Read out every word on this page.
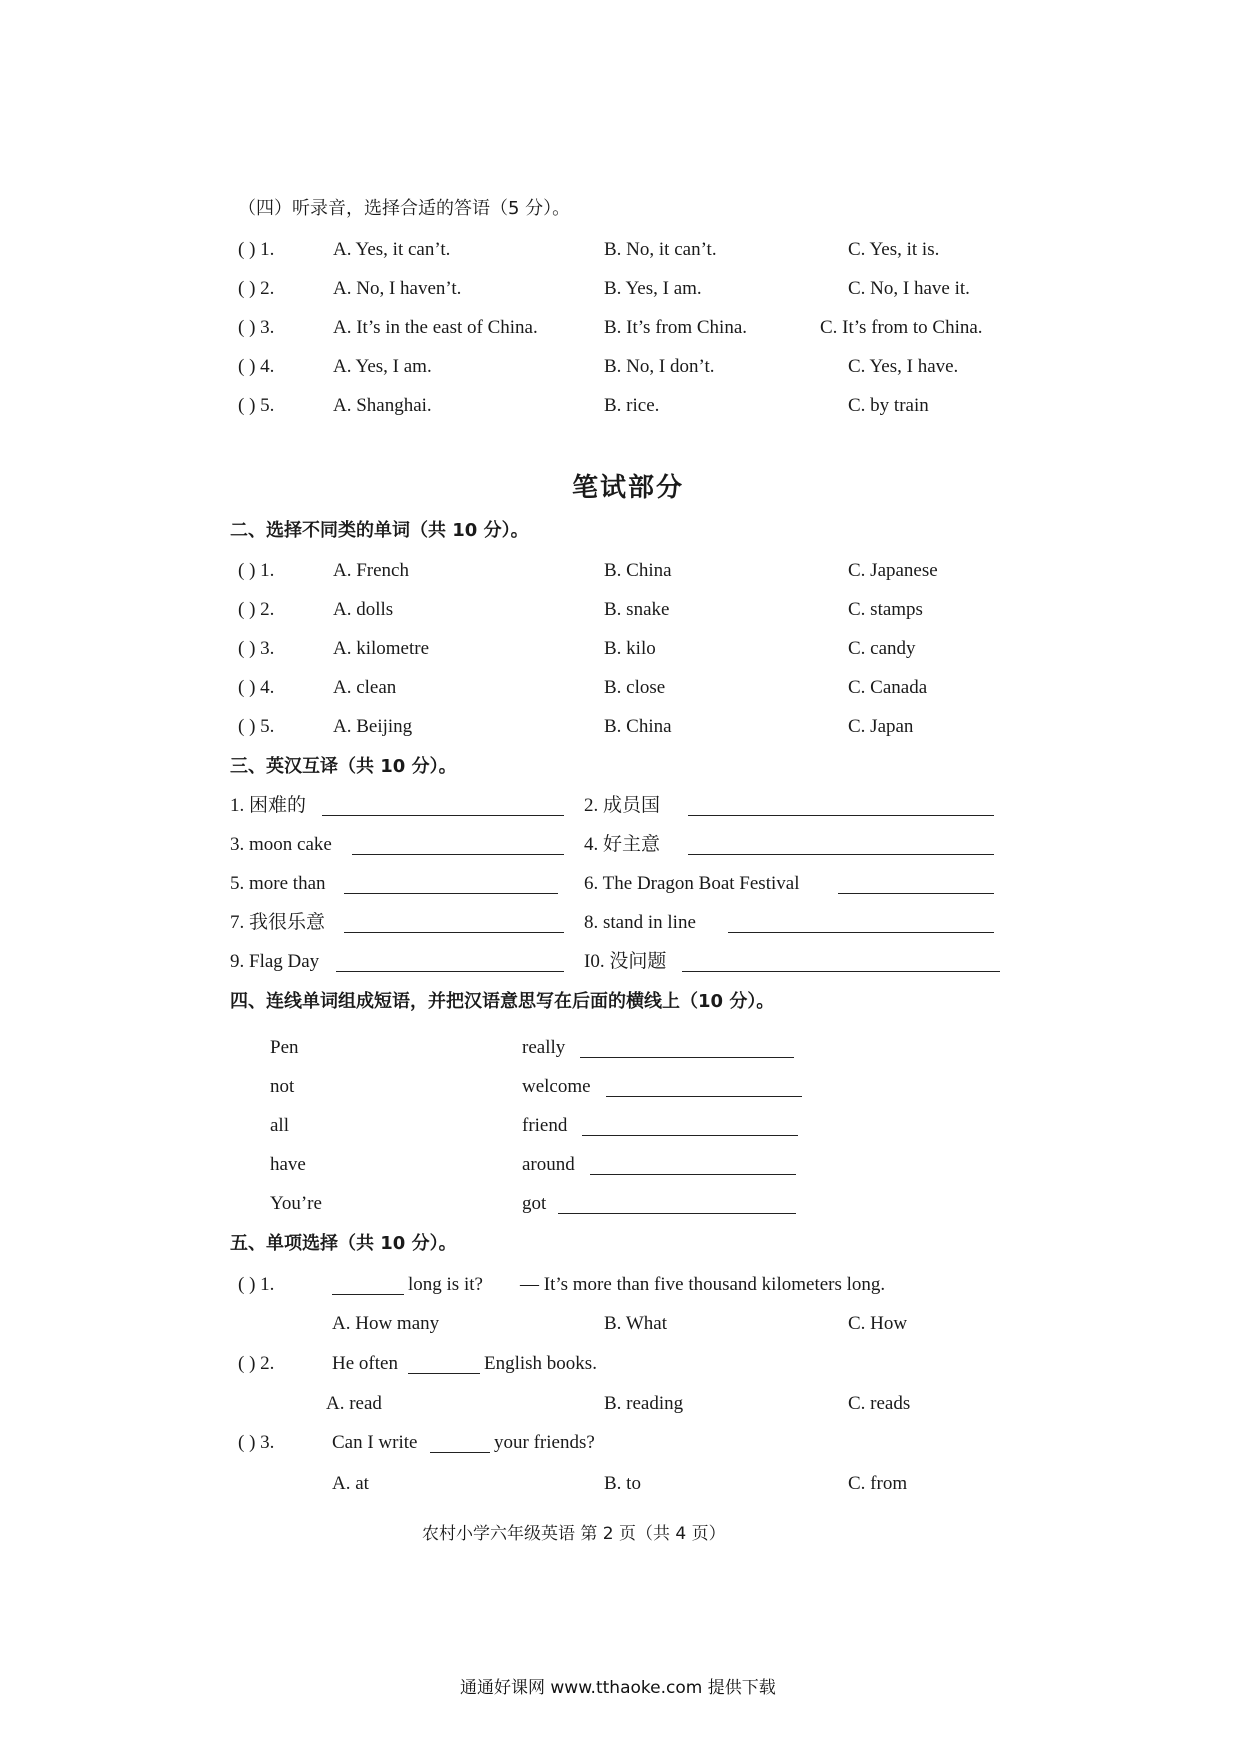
（四）听录音，选择合适的答语（5 分）。
( ) 1.	A. Yes, it can’t.	B. No, it can’t.	C. Yes, it is.
( ) 2.	A. No, I haven’t.	B. Yes, I am.	C. No, I have it.
( ) 3.	A. It’s in the east of China.	B. It’s from China.	C. It’s from to China.
( ) 4.	A. Yes, I am.	B. No, I don’t.	C. Yes, I have.
( ) 5.	A. Shanghai.	B. rice.	C. by train
笔试部分
二、选择不同类的单词（共 10 分）。
( ) 1.	A. French	B. China	C. Japanese
( ) 2.	A. dolls	B. snake	C. stamps
( ) 3.	A. kilometre	B. kilo	C. candy
( ) 4.	A. clean	B. close	C. Canada
( ) 5.	A. Beijing	B. China	C. Japan
三、英汉互译（共 10 分）。
1. 困难的	2. 成员国
3. moon cake	4. 好主意
5. more than	6. The Dragon Boat Festival
7. 我很乐意	8. stand in line
9. Flag Day	I0. 没问题
四、连线单词组成短语，并把汉语意思写在后面的横线上（10 分）。
Pen	really
not	welcome
all	friend
have	around
You’re	got
五、单项选择（共 10 分）。
( ) 1.	long is it? — It’s more than five thousand kilometers long.
A. How many	B. What	C. How
( ) 2.	He often	English books.
A. read	B. reading	C. reads
( ) 3.	Can I write	your friends?
A. at	B. to	C. from
农村小学六年级英语 第 2 页（共 4 页）
通通好课网 www.tthaoke.com 提供下载
